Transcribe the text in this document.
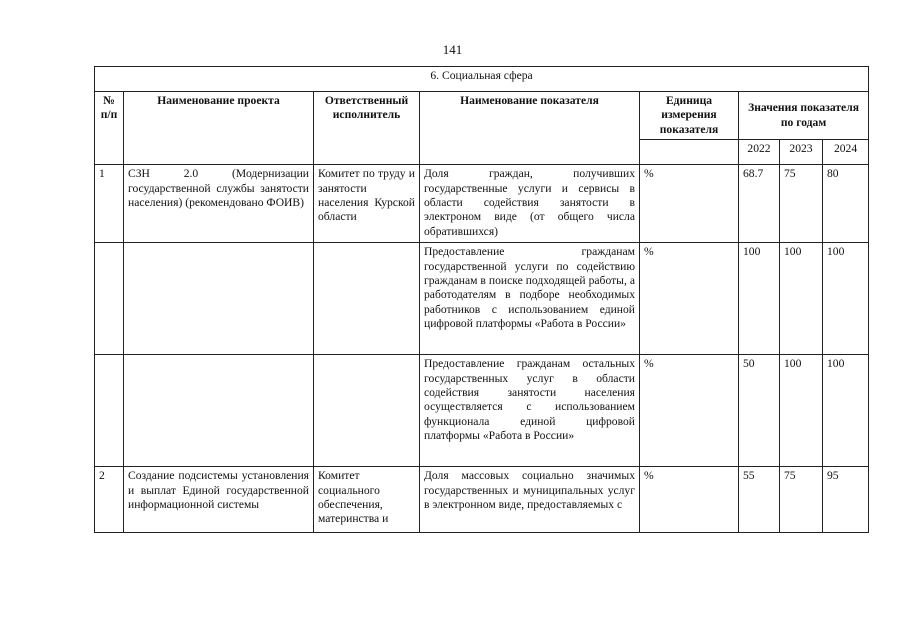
141
6. Социальная сфера							
№ п/п	Наименование проекта	Ответственный исполнитель	Наименование показателя	Единица измерения показателя	Значения показателя по годам		
					2022	2023	2024
1	СЗН 2.0 (Модернизации государственной службы занятости населения) (рекомендовано ФОИВ)	Комитет по труду и занятости населения Курской области	Доля граждан, получивших государственные услуги и сервисы в области содействия занятости в электроном виде (от общего числа обратившихся)	%	68.7	75	80
			Предоставление гражданам государственной услуги по содействию гражданам в поиске подходящей работы, а работодателям в подборе необходимых работников с использованием единой цифровой платформы «Работа в России»	%	100	100	100
			Предоставление гражданам остальных государственных услуг в области содействия занятости населения осуществляется с использованием функционала единой цифровой платформы «Работа в России»	%	50	100	100
2	Создание подсистемы установления и выплат Единой государственной информационной системы	Комитет социального обеспечения, материнства и	Доля массовых социально значимых государственных и муниципальных услуг в электронном виде, предоставляемых с	%	55	75	95
